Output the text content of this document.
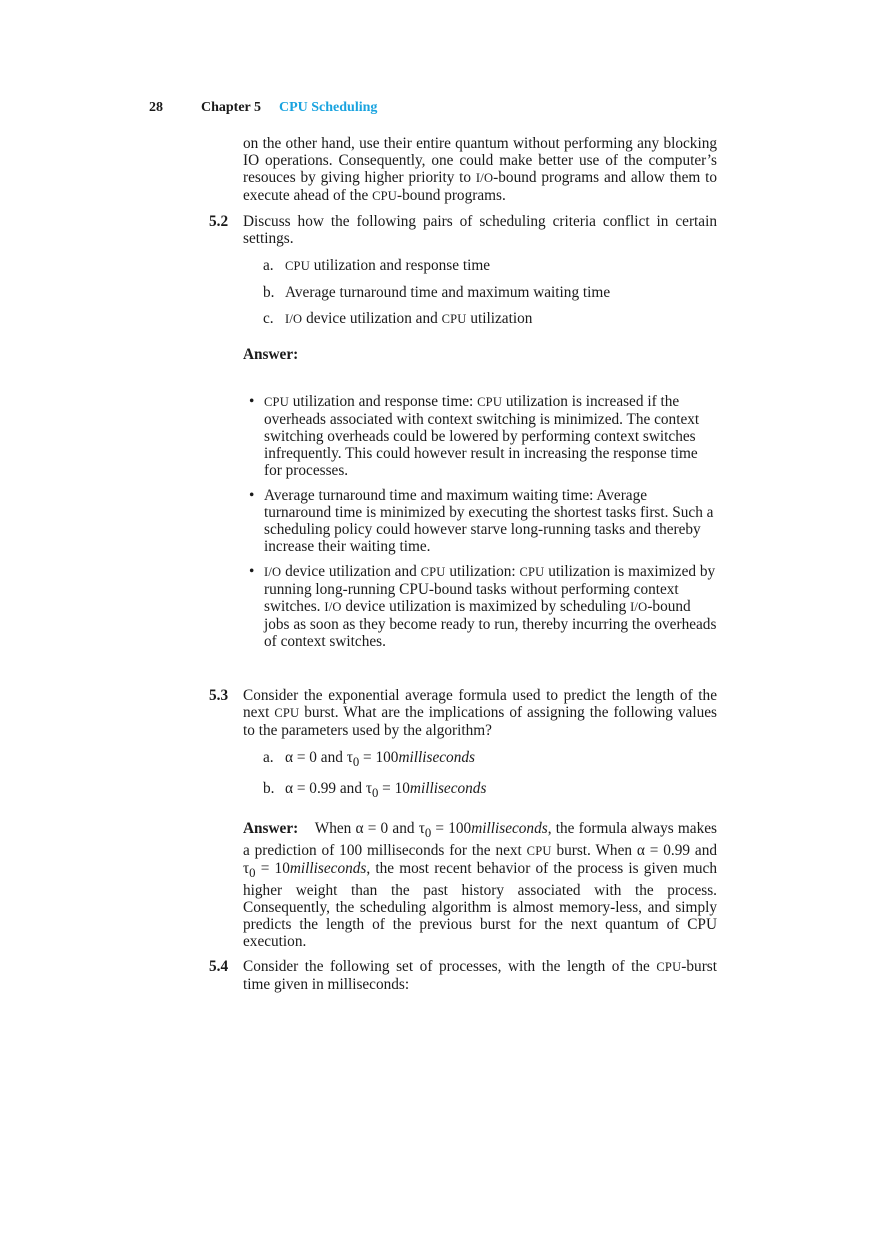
28	Chapter 5 CPU Scheduling

on the other hand, use their entire quantum without performing any blocking IO operations. Consequently, one could make better use of the computer’s resouces by giving higher priority to I/O-bound programs and allow them to execute ahead of the CPU-bound programs.

5.2 Discuss how the following pairs of scheduling criteria conflict in certain settings.

a. CPU utilization and response time
b. Average turnaround time and maximum waiting time
c. I/O device utilization and CPU utilization

Answer:

• CPU utilization and response time: CPU utilization is increased if the overheads associated with context switching is minimized. The context switching overheads could be lowered by performing context switches infrequently. This could however result in increasing the response time for processes.
• Average turnaround time and maximum waiting time: Average turnaround time is minimized by executing the shortest tasks first. Such a scheduling policy could however starve long-running tasks and thereby increase their waiting time.
• I/O device utilization and CPU utilization: CPU utilization is maximized by running long-running CPU-bound tasks without performing context switches. I/O device utilization is maximized by scheduling I/O-bound jobs as soon as they become ready to run, thereby incurring the overheads of context switches.
5.3 Consider the exponential average formula used to predict the length of the next CPU burst. What are the implications of assigning the following values to the parameters used by the algorithm?

a. α = 0 and $\tau_0$ = 100milliseconds
b. α = 0.99 and $\tau_0$ = 10milliseconds

Answer: When α = 0 and $\tau_0$ = 100milliseconds, the formula always makes a prediction of 100 milliseconds for the next CPU burst. When α = 0.99 and $\tau_0$ = 10milliseconds, the most recent behavior of the process is given much higher weight than the past history associated with the process. Consequently, the scheduling algorithm is almost memory-less, and simply predicts the length of the previous burst for the next quantum of CPU execution.

5.4 Consider the following set of processes, with the length of the CPU-burst time given in milliseconds:
